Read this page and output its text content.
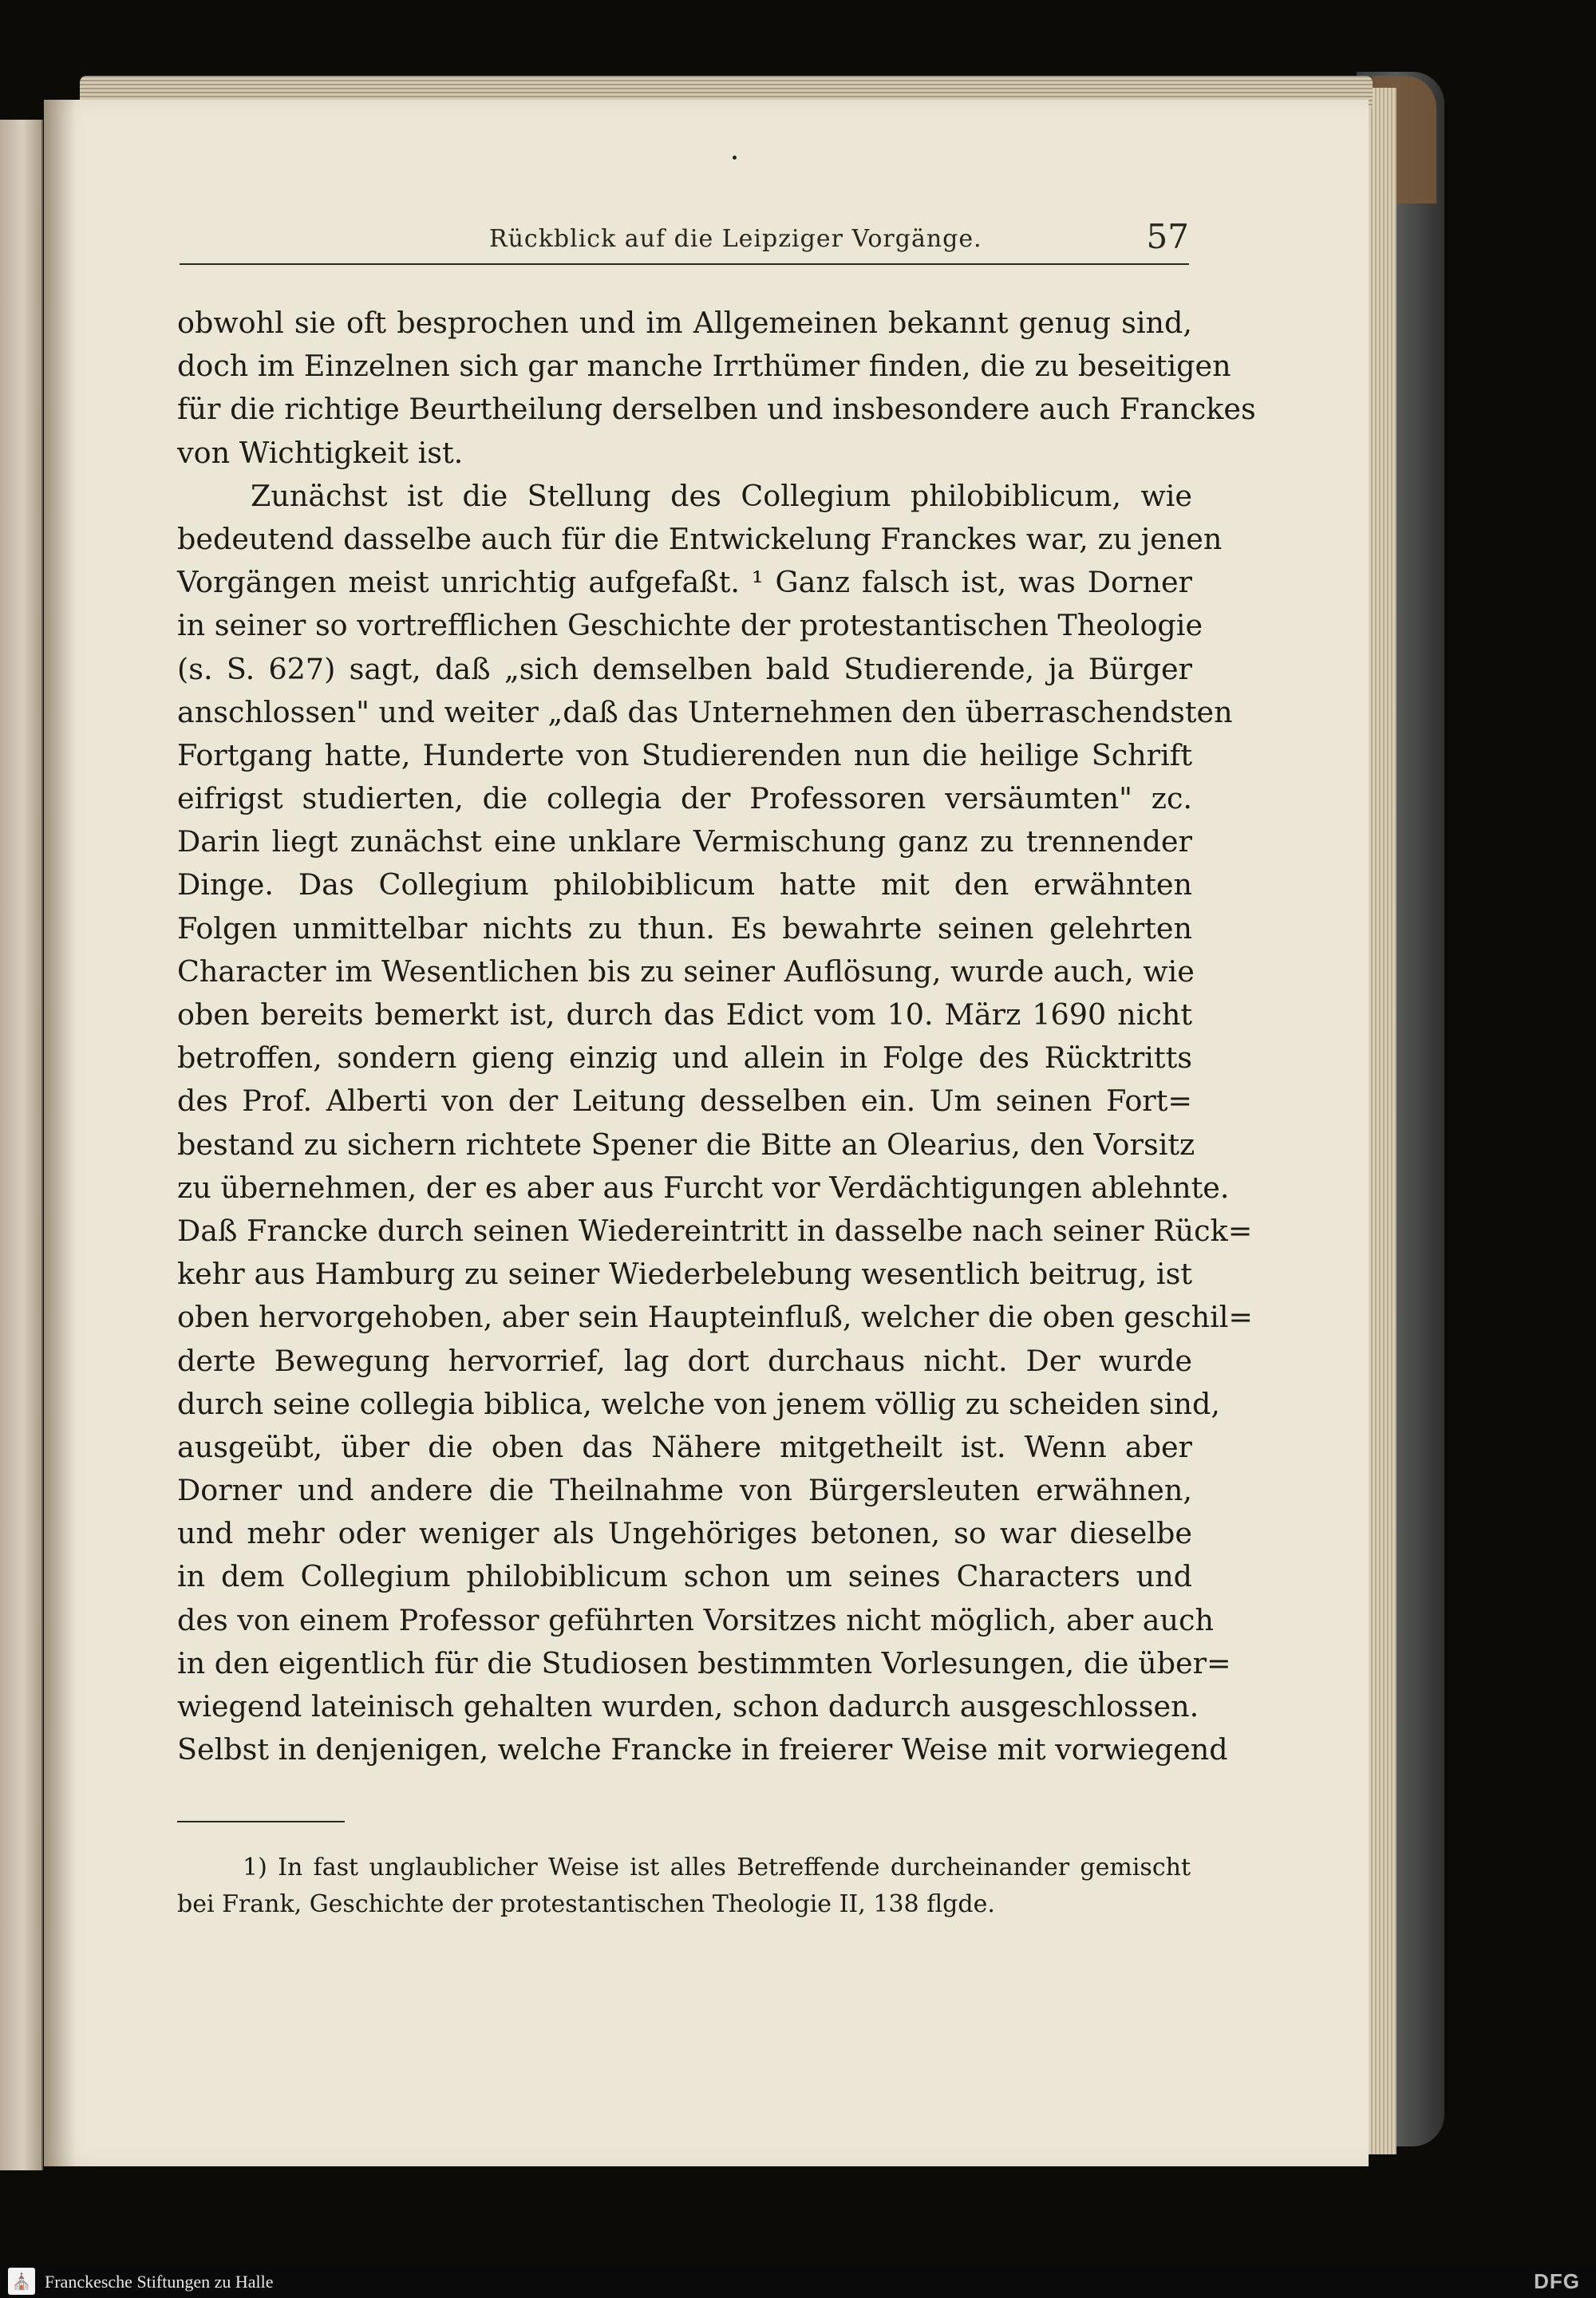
Rückblick auf die Leipziger Vorgänge.	57
obwohl sie oft besprochen und im Allgemeinen bekannt genug sind,
doch im Einzelnen sich gar manche Irrthümer finden, die zu beseitigen
für die richtige Beurtheilung derselben und insbesondere auch Franckes
von Wichtigkeit ist.
Zunächst ist die Stellung des Collegium philobiblicum, wie
bedeutend dasselbe auch für die Entwickelung Franckes war, zu jenen
Vorgängen meist unrichtig aufgefaßt. ¹ Ganz falsch ist, was Dorner
in seiner so vortrefflichen Geschichte der protestantischen Theologie
(s. S. 627) sagt, daß „sich demselben bald Studierende, ja Bürger
anschlossen" und weiter „daß das Unternehmen den überraschendsten
Fortgang hatte, Hunderte von Studierenden nun die heilige Schrift
eifrigst studierten, die collegia der Professoren versäumten" zc.
Darin liegt zunächst eine unklare Vermischung ganz zu trennender
Dinge. Das Collegium philobiblicum hatte mit den erwähnten
Folgen unmittelbar nichts zu thun. Es bewahrte seinen gelehrten
Character im Wesentlichen bis zu seiner Auflösung, wurde auch, wie
oben bereits bemerkt ist, durch das Edict vom 10. März 1690 nicht
betroffen, sondern gieng einzig und allein in Folge des Rücktritts
des Prof. Alberti von der Leitung desselben ein. Um seinen Fort=
bestand zu sichern richtete Spener die Bitte an Olearius, den Vorsitz
zu übernehmen, der es aber aus Furcht vor Verdächtigungen ablehnte.
Daß Francke durch seinen Wiedereintritt in dasselbe nach seiner Rück=
kehr aus Hamburg zu seiner Wiederbelebung wesentlich beitrug, ist
oben hervorgehoben, aber sein Haupteinfluß, welcher die oben geschil=
derte Bewegung hervorrief, lag dort durchaus nicht. Der wurde
durch seine collegia biblica, welche von jenem völlig zu scheiden sind,
ausgeübt, über die oben das Nähere mitgetheilt ist. Wenn aber
Dorner und andere die Theilnahme von Bürgersleuten erwähnen,
und mehr oder weniger als Ungehöriges betonen, so war dieselbe
in dem Collegium philobiblicum schon um seines Characters und
des von einem Professor geführten Vorsitzes nicht möglich, aber auch
in den eigentlich für die Studiosen bestimmten Vorlesungen, die über=
wiegend lateinisch gehalten wurden, schon dadurch ausgeschlossen.
Selbst in denjenigen, welche Francke in freierer Weise mit vorwiegend
1) In fast unglaublicher Weise ist alles Betreffende durcheinander gemischt
bei Frank, Geschichte der protestantischen Theologie II, 138 flgde.
⛪ Franckesche Stiftungen zu Halle	DFG
